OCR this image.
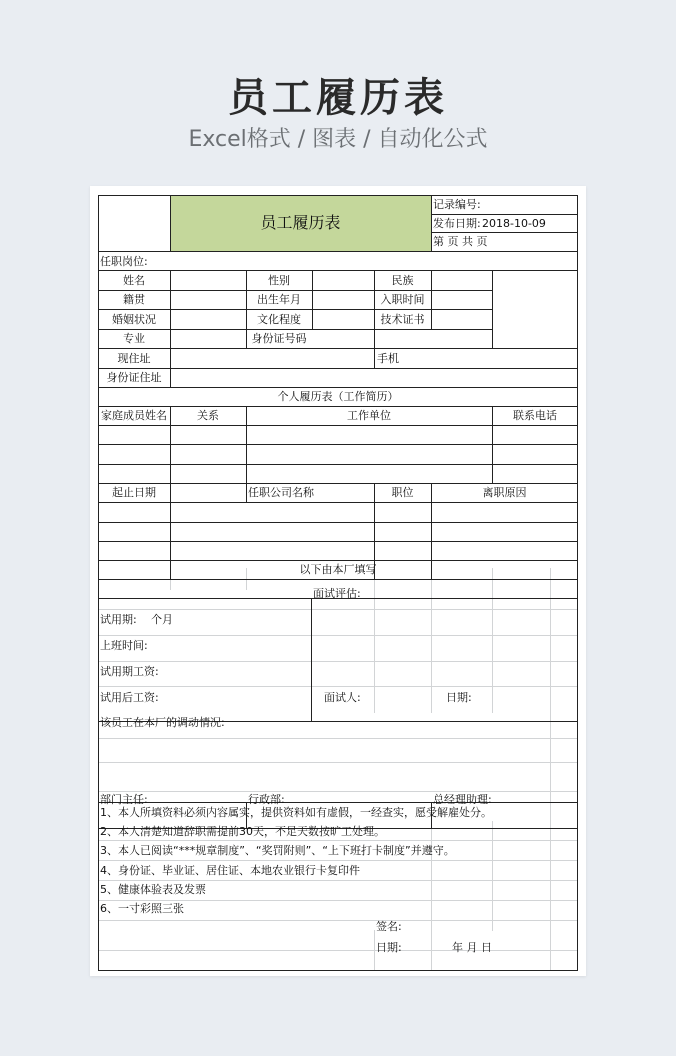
员工履历表
Excel格式 / 图表 / 自动化公式
员工履历表
记录编号:
发布日期: 2018-10-09
第 页 共 页
任职岗位:
姓名	性别	民族
籍贯	出生年月	入职时间
婚姻状况	文化程度	技术证书
专业	身份证号码
现住址	手机
身份证住址
个人履历表（工作简历）
家庭成员姓名	关系	工作单位	联系电话
起止日期	任职公司名称	职位	离职原因
以下由本厂填写
面试评估:
试用期: 个月
上班时间:
试用期工资:
试用后工资:	面试人:	日期:
该员工在本厂的调动情况:
部门主任:	行政部:	总经理助理:
1、本人所填资料必须内容属实，提供资料如有虚假，一经查实，愿受解雇处分。
2、本人清楚知道辞职需提前30天，不足天数按旷工处理。
3、本人已阅读“***规章制度”、“奖罚附则”、“上下班打卡制度”并遵守。
4、身份证、毕业证、居住证、本地农业银行卡复印件
5、健康体验表及发票
6、一寸彩照三张
签名:
日期:	年 月 日
